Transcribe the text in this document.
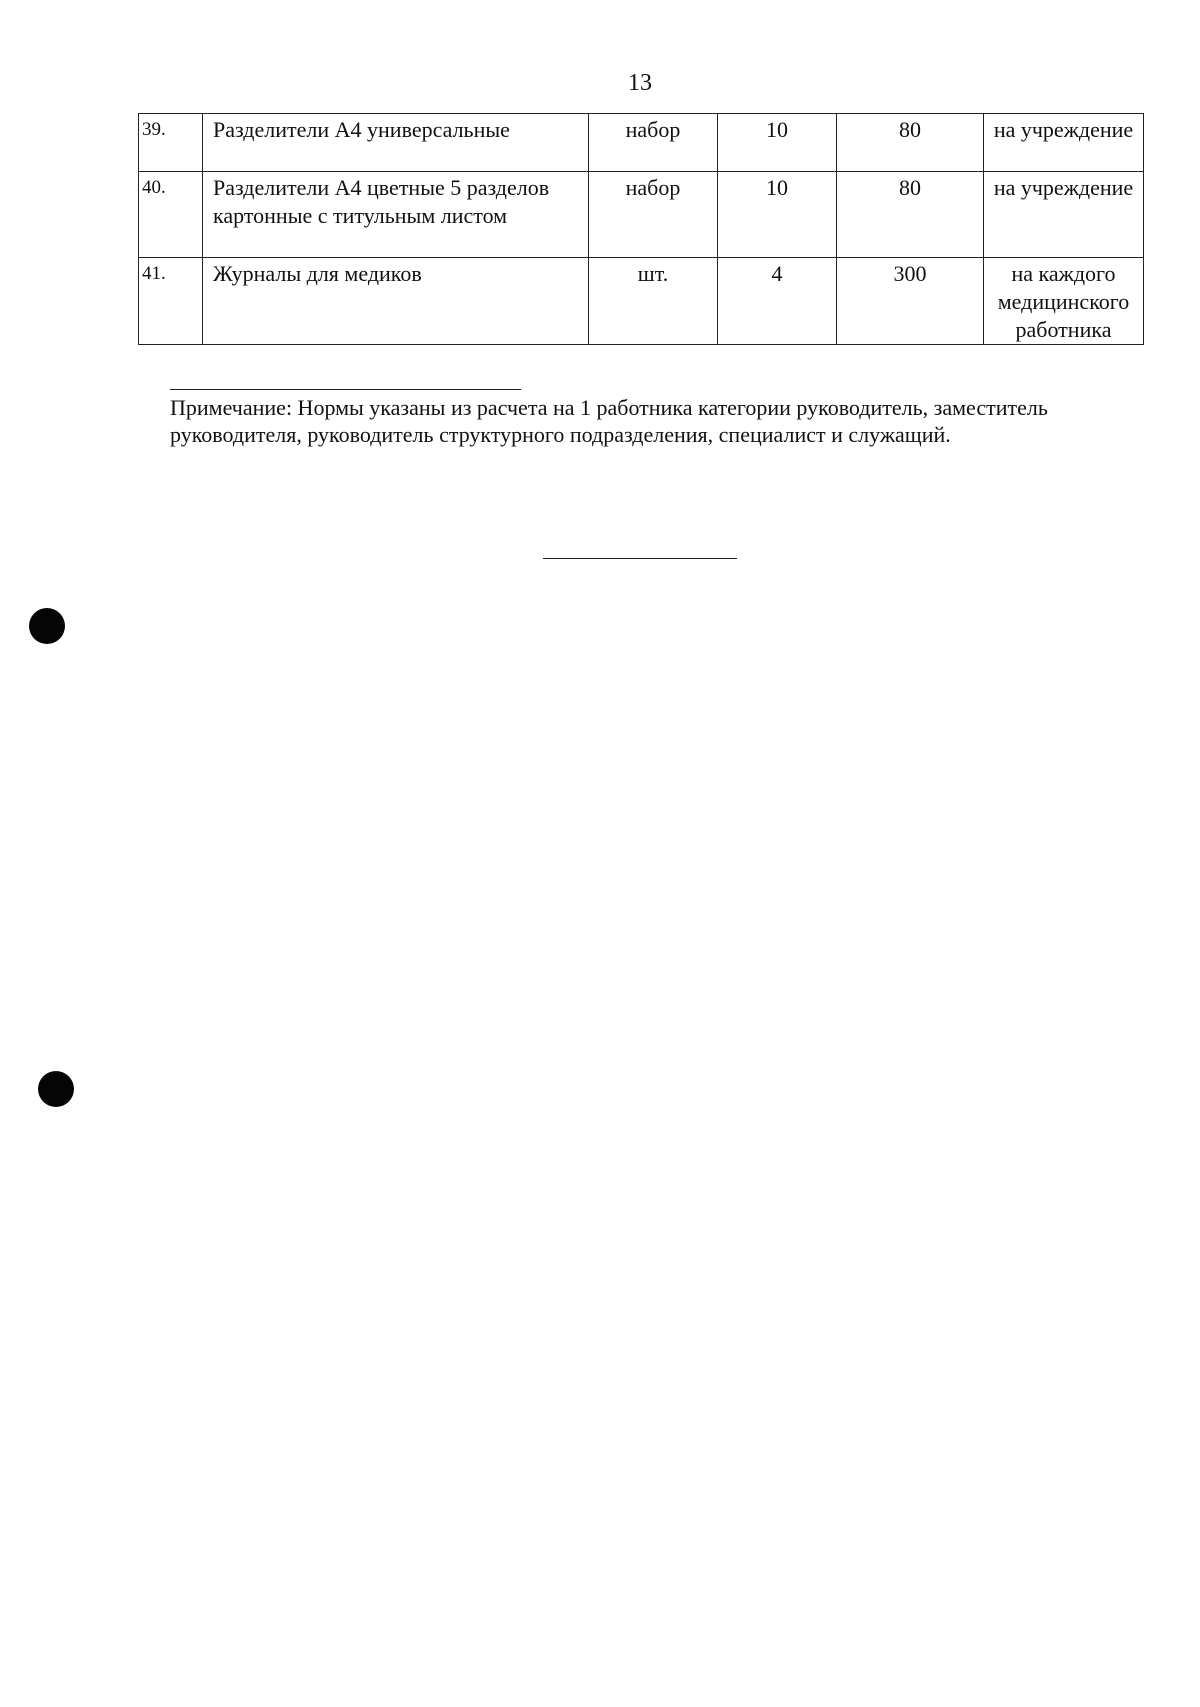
13
39.	Разделители А4 универсальные	набор	10	80	на учреждение
40.	Разделители А4 цветные 5 разделов картонные с титульным листом	набор	10	80	на учреждение
41.	Журналы для медиков	шт.	4	300	на каждого медицинского работника
Примечание: Нормы указаны из расчета на 1 работника категории руководитель, заместитель руководителя, руководитель структурного подразделения, специалист и служащий.
